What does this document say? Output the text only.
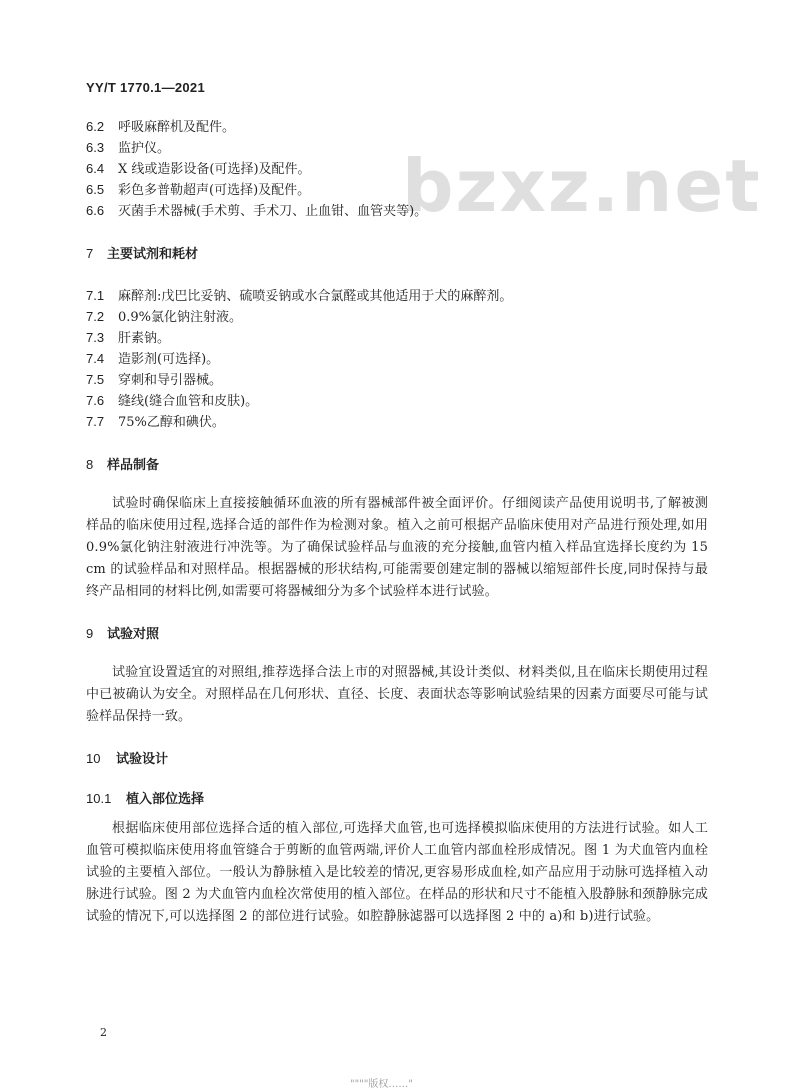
YY/T 1770.1—2021
bzxz.net
6.2 呼吸麻醉机及配件。
6.3 监护仪。
6.4 X 线或造影设备(可选择)及配件。
6.5 彩色多普勒超声(可选择)及配件。
6.6 灭菌手术器械(手术剪、手术刀、止血钳、血管夹等)。
7 主要试剂和耗材
7.1 麻醉剂:戊巴比妥钠、硫喷妥钠或水合氯醛或其他适用于犬的麻醉剂。
7.2 0.9%氯化钠注射液。
7.3 肝素钠。
7.4 造影剂(可选择)。
7.5 穿刺和导引器械。
7.6 缝线(缝合血管和皮肤)。
7.7 75%乙醇和碘伏。
8 样品制备
试验时确保临床上直接接触循环血液的所有器械部件被全面评价。仔细阅读产品使用说明书,了解被测样品的临床使用过程,选择合适的部件作为检测对象。植入之前可根据产品临床使用对产品进行预处理,如用 0.9%氯化钠注射液进行冲洗等。为了确保试验样品与血液的充分接触,血管内植入样品宜选择长度约为 15 cm 的试验样品和对照样品。根据器械的形状结构,可能需要创建定制的器械以缩短部件长度,同时保持与最终产品相同的材料比例,如需要可将器械细分为多个试验样本进行试验。
9 试验对照
试验宜设置适宜的对照组,推荐选择合法上市的对照器械,其设计类似、材料类似,且在临床长期使用过程中已被确认为安全。对照样品在几何形状、直径、长度、表面状态等影响试验结果的因素方面要尽可能与试验样品保持一致。
10 试验设计
10.1 植入部位选择
根据临床使用部位选择合适的植入部位,可选择犬血管,也可选择模拟临床使用的方法进行试验。如人工血管可模拟临床使用将血管缝合于剪断的血管两端,评价人工血管内部血栓形成情况。图 1 为犬血管内血栓试验的主要植入部位。一般认为静脉植入是比较差的情况,更容易形成血栓,如产品应用于动脉可选择植入动脉进行试验。图 2 为犬血管内血栓次常使用的植入部位。在样品的形状和尺寸不能植入股静脉和颈静脉完成试验的情况下,可以选择图 2 的部位进行试验。如腔静脉滤器可以选择图 2 中的 a)和 b)进行试验。
2
""""版权……"
